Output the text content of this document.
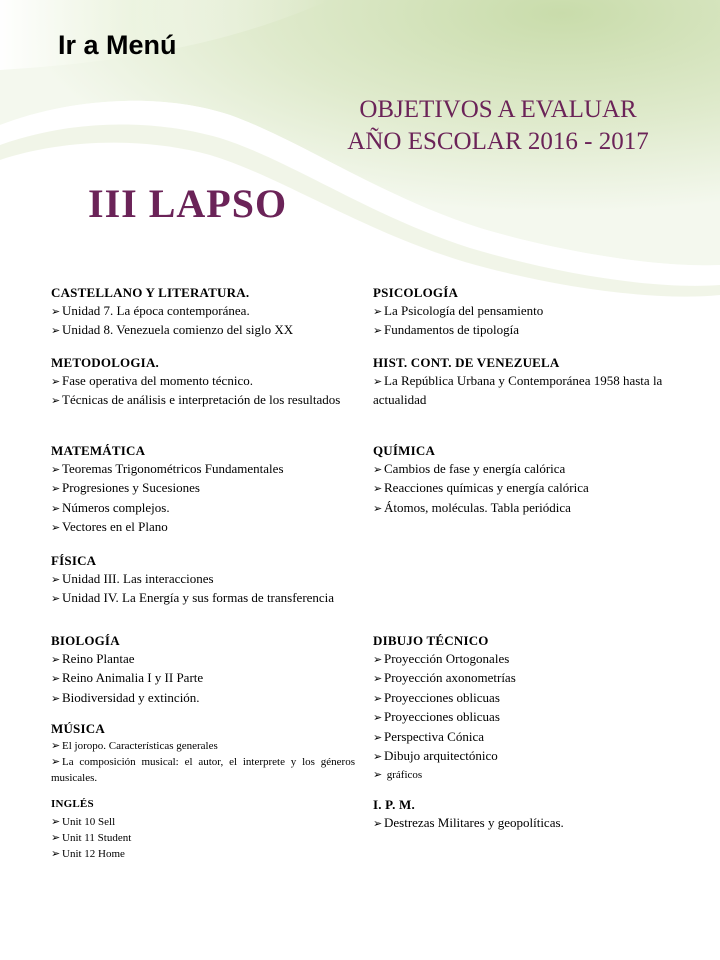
Ir a Menú
OBJETIVOS A EVALUAR
AÑO ESCOLAR 2016 - 2017
III LAPSO
CASTELLANO Y LITERATURA.
➢ Unidad 7. La época contemporánea.
➢ Unidad 8. Venezuela comienzo del siglo XX
METODOLOGIA.
➢ Fase operativa del momento técnico.
➢ Técnicas de análisis e interpretación de los resultados
MATEMÁTICA
➢ Teoremas Trigonométricos Fundamentales
➢ Progresiones y Sucesiones
➢ Números complejos.
➢ Vectores en el Plano
FÍSICA
➢ Unidad III. Las interacciones
➢ Unidad IV. La Energía y sus formas de transferencia
BIOLOGÍA
➢ Reino Plantae
➢ Reino Animalia I y II Parte
➢ Biodiversidad y extinción.
MÚSICA
➢ El joropo. Características generales
➢ La composición musical: el autor, el interprete y los géneros musicales.
INGLÉS
➢ Unit 10 Sell
➢ Unit 11 Student
➢ Unit 12 Home
PSICOLOGÍA
➢ La Psicología del pensamiento
➢ Fundamentos de tipología
HIST. CONT. DE VENEZUELA
➢ La República Urbana y Contemporánea 1958 hasta la actualidad
QUÍMICA
➢ Cambios de fase y energía calórica
➢ Reacciones químicas y energía calórica
➢ Átomos, moléculas. Tabla periódica
DIBUJO TÉCNICO
➢ Proyección Ortogonales
➢ Proyección axonometrías
➢ Proyecciones oblicuas
➢ Proyecciones oblicuas
➢ Perspectiva Cónica
➢ Dibujo arquitectónico
➢ gráficos
I. P. M.
➢ Destrezas Militares y geopolíticas.
